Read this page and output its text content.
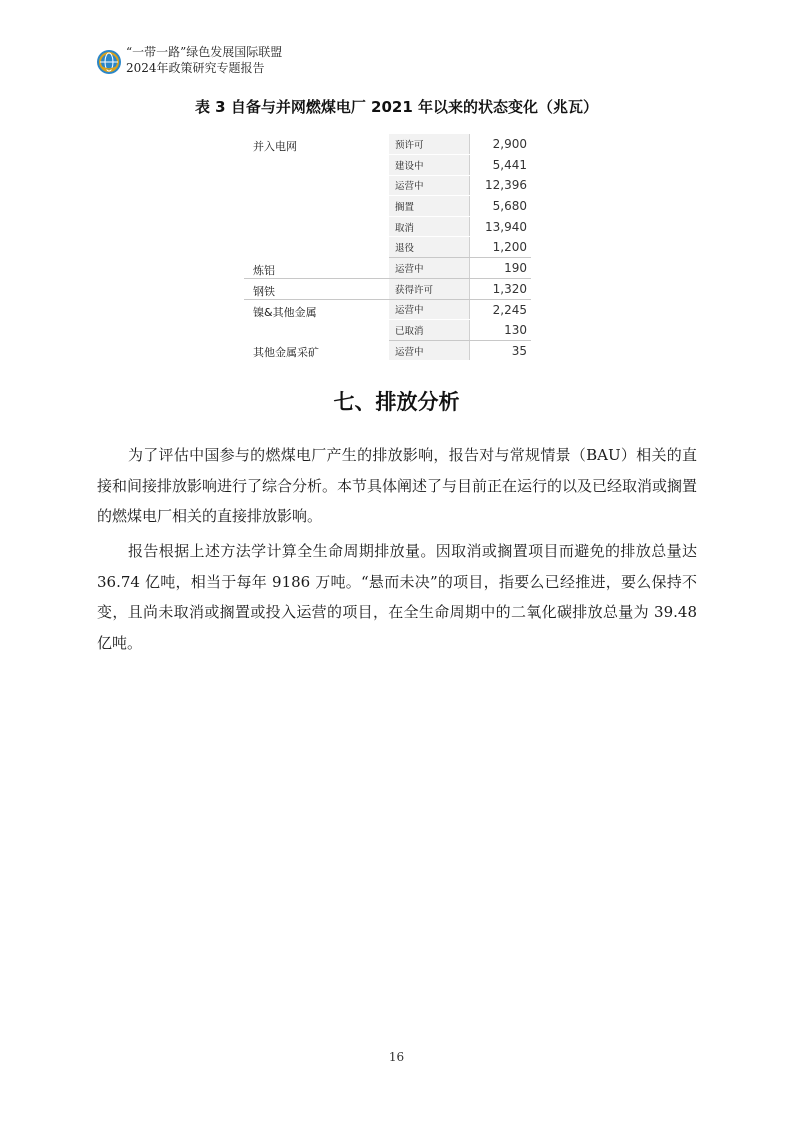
“一带一路”绿色发展国际联盟
2024年政策研究专题报告
表 3 自备与并网燃煤电厂 2021 年以来的状态变化（兆瓦）
并入电网	预许可	2,900
	建设中	5,441
	运营中	12,396
	搁置	5,680
	取消	13,940
	退役	1,200
炼铝	运营中	190
钢铁	获得许可	1,320
镍&其他金属	运营中	2,245
	已取消	130
其他金属采矿	运营中	35
七、排放分析

为了评估中国参与的燃煤电厂产生的排放影响，报告对与常规情景（BAU）相关的直接和间接排放影响进行了综合分析。本节具体阐述了与目前正在运行的以及已经取消或搁置的燃煤电厂相关的直接排放影响。

报告根据上述方法学计算全生命周期排放量。因取消或搁置项目而避免的排放总量达 36.74 亿吨，相当于每年 9186 万吨。“悬而未决”的项目，指要么已经推进，要么保持不变，且尚未取消或搁置或投入运营的项目，在全生命周期中的二氧化碳排放总量为 39.48 亿吨。

16
